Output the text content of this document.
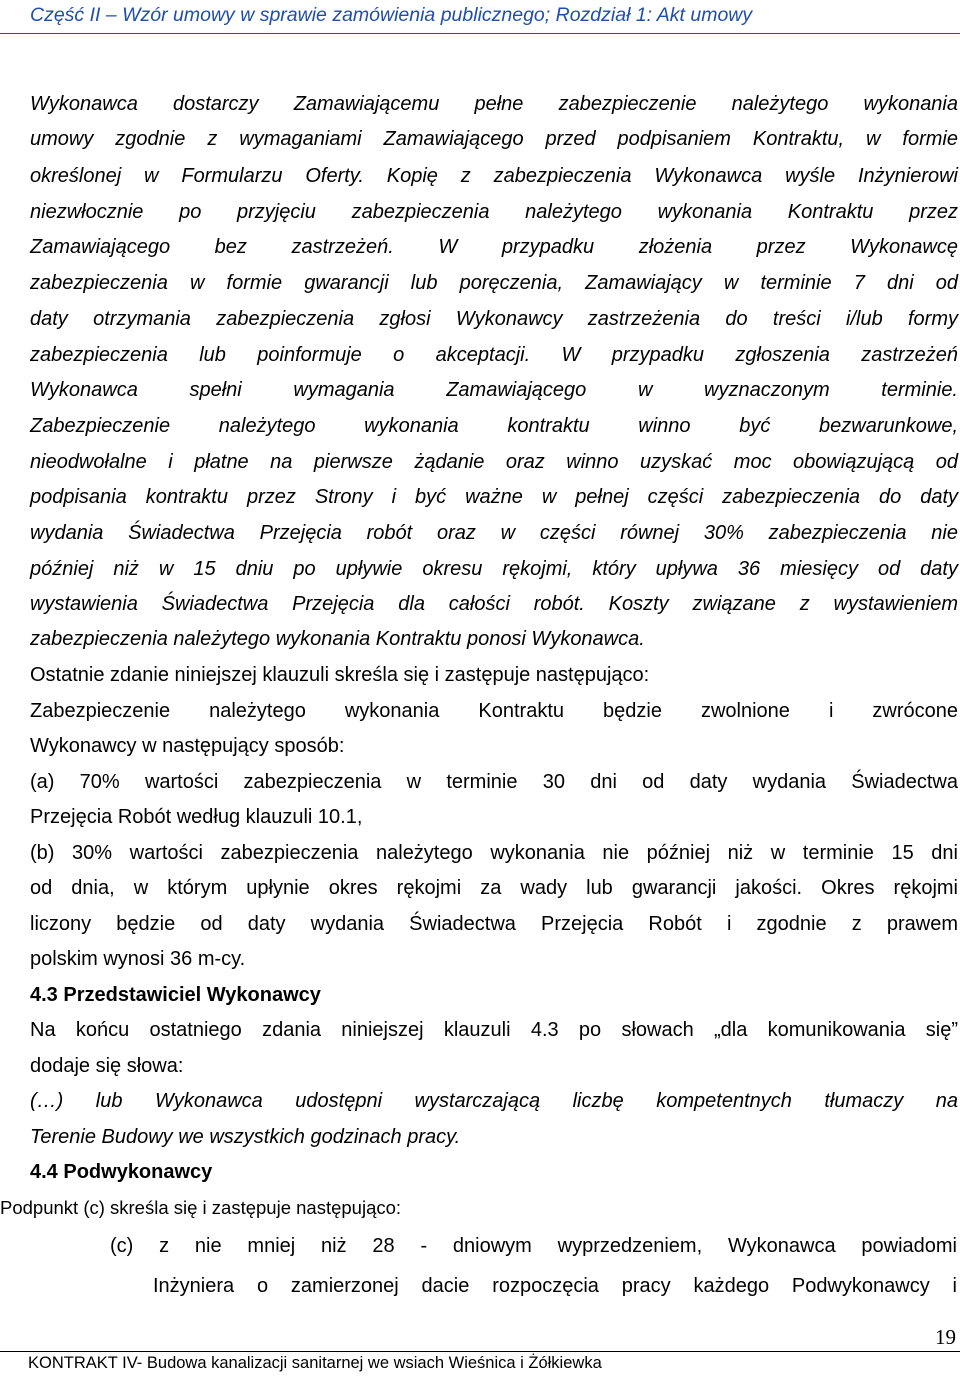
Część II – Wzór umowy w sprawie zamówienia publicznego; Rozdział 1: Akt umowy
Wykonawca dostarczy Zamawiającemu pełne zabezpieczenie należytego wykonania
umowy zgodnie z wymaganiami Zamawiającego przed podpisaniem Kontraktu, w formie
określonej w Formularzu Oferty. Kopię z zabezpieczenia Wykonawca wyśle Inżynierowi
niezwłocznie po przyjęciu zabezpieczenia należytego wykonania Kontraktu przez
Zamawiającego bez zastrzeżeń. W przypadku złożenia przez Wykonawcę
zabezpieczenia w formie gwarancji lub poręczenia, Zamawiający w terminie 7 dni od
daty otrzymania zabezpieczenia zgłosi Wykonawcy zastrzeżenia do treści i/lub formy
zabezpieczenia lub poinformuje o akceptacji. W przypadku zgłoszenia zastrzeżeń
Wykonawca spełni wymagania Zamawiającego w wyznaczonym terminie.
Zabezpieczenie należytego wykonania kontraktu winno być bezwarunkowe,
nieodwołalne i płatne na pierwsze żądanie oraz winno uzyskać moc obowiązującą od
podpisania kontraktu przez Strony i być ważne w pełnej części zabezpieczenia do daty
wydania Świadectwa Przejęcia robót oraz w części równej 30% zabezpieczenia nie
później niż w 15 dniu po upływie okresu rękojmi, który upływa 36 miesięcy od daty
wystawienia Świadectwa Przejęcia dla całości robót. Koszty związane z wystawieniem
zabezpieczenia należytego wykonania Kontraktu ponosi Wykonawca.
Ostatnie zdanie niniejszej klauzuli skreśla się i zastępuje następująco:
Zabezpieczenie należytego wykonania Kontraktu będzie zwolnione i zwrócone
Wykonawcy w następujący sposób:
(a) 70% wartości zabezpieczenia w terminie 30 dni od daty wydania Świadectwa
Przejęcia Robót według klauzuli 10.1,
(b) 30% wartości zabezpieczenia należytego wykonania nie później niż w terminie 15 dni
od dnia, w którym upłynie okres rękojmi za wady lub gwarancji jakości. Okres rękojmi
liczony będzie od daty wydania Świadectwa Przejęcia Robót i zgodnie z prawem
polskim wynosi 36 m-cy.
4.3 Przedstawiciel Wykonawcy
Na końcu ostatniego zdania niniejszej klauzuli 4.3 po słowach „dla komunikowania się”
dodaje się słowa:
(…) lub Wykonawca udostępni wystarczającą liczbę kompetentnych tłumaczy na
Terenie Budowy we wszystkich godzinach pracy.
4.4 Podwykonawcy
Podpunkt (c) skreśla się i zastępuje następująco:
(c) z nie mniej niż 28 - dniowym wyprzedzeniem, Wykonawca powiadomi
Inżyniera o zamierzonej dacie rozpoczęcia pracy każdego Podwykonawcy i
19
KONTRAKT IV- Budowa kanalizacji sanitarnej we wsiach Wieśnica i Żółkiewka
